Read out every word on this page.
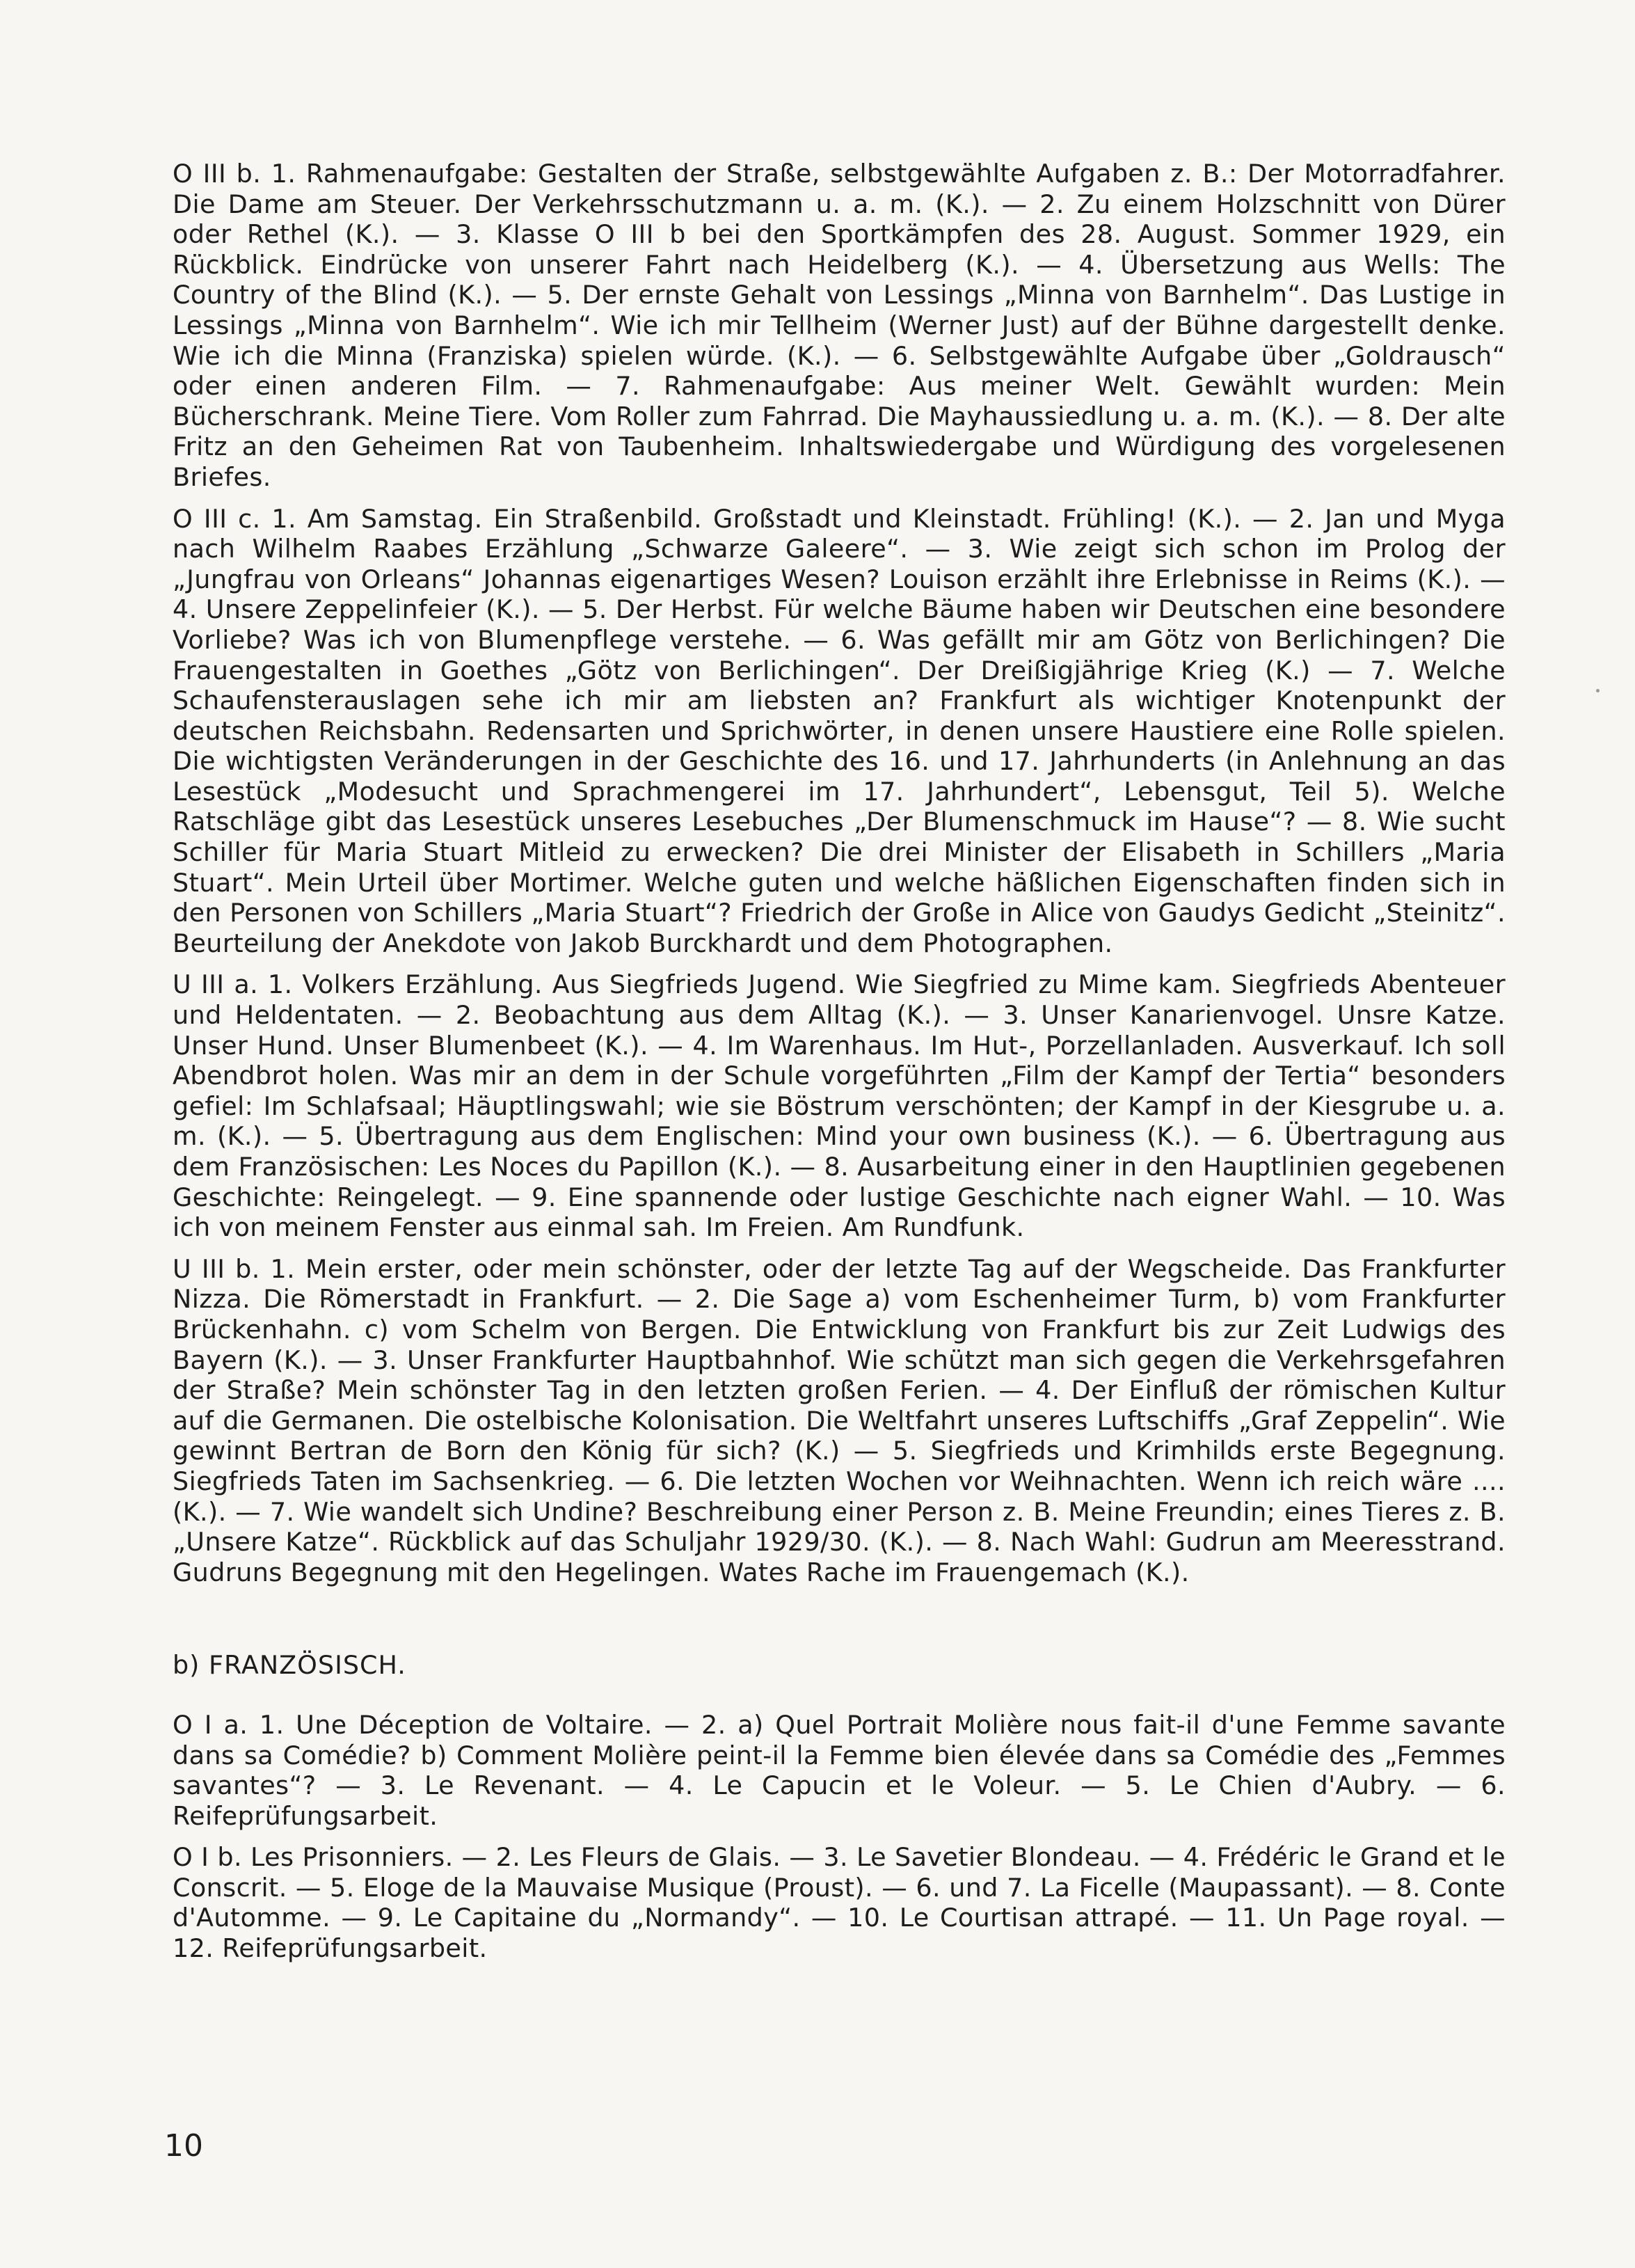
O III b. 1. Rahmenaufgabe: Gestalten der Straße, selbstgewählte Aufgaben z. B.: Der Motorradfahrer. Die Dame am Steuer. Der Verkehrsschutzmann u. a. m. (K.). — 2. Zu einem Holzschnitt von Dürer oder Rethel (K.). — 3. Klasse O III b bei den Sportkämpfen des 28. August. Sommer 1929, ein Rückblick. Eindrücke von unserer Fahrt nach Heidelberg (K.). — 4. Übersetzung aus Wells: The Country of the Blind (K.). — 5. Der ernste Gehalt von Lessings „Minna von Barnhelm“. Das Lustige in Lessings „Minna von Barnhelm“. Wie ich mir Tellheim (Werner Just) auf der Bühne dargestellt denke. Wie ich die Minna (Franziska) spielen würde. (K.). — 6. Selbstgewählte Aufgabe über „Goldrausch“ oder einen anderen Film. — 7. Rahmenaufgabe: Aus meiner Welt. Gewählt wurden: Mein Bücherschrank. Meine Tiere. Vom Roller zum Fahrrad. Die Mayhaussiedlung u. a. m. (K.). — 8. Der alte Fritz an den Geheimen Rat von Taubenheim. Inhaltswiedergabe und Würdigung des vorgelesenen Briefes.

O III c. 1. Am Samstag. Ein Straßenbild. Großstadt und Kleinstadt. Frühling! (K.). — 2. Jan und Myga nach Wilhelm Raabes Erzählung „Schwarze Galeere“. — 3. Wie zeigt sich schon im Prolog der „Jungfrau von Orleans“ Johannas eigenartiges Wesen? Louison erzählt ihre Erlebnisse in Reims (K.). — 4. Unsere Zeppelinfeier (K.). — 5. Der Herbst. Für welche Bäume haben wir Deutschen eine besondere Vorliebe? Was ich von Blumenpflege verstehe. — 6. Was gefällt mir am Götz von Berlichingen? Die Frauengestalten in Goethes „Götz von Berlichingen“. Der Dreißigjährige Krieg (K.) — 7. Welche Schaufensterauslagen sehe ich mir am liebsten an? Frankfurt als wichtiger Knotenpunkt der deutschen Reichsbahn. Redensarten und Sprichwörter, in denen unsere Haustiere eine Rolle spielen. Die wichtigsten Veränderungen in der Geschichte des 16. und 17. Jahrhunderts (in Anlehnung an das Lesestück „Modesucht und Sprachmengerei im 17. Jahrhundert“, Lebensgut, Teil 5). Welche Ratschläge gibt das Lesestück unseres Lesebuches „Der Blumenschmuck im Hause“? — 8. Wie sucht Schiller für Maria Stuart Mitleid zu erwecken? Die drei Minister der Elisabeth in Schillers „Maria Stuart“. Mein Urteil über Mortimer. Welche guten und welche häßlichen Eigenschaften finden sich in den Personen von Schillers „Maria Stuart“? Friedrich der Große in Alice von Gaudys Gedicht „Steinitz“. Beurteilung der Anekdote von Jakob Burckhardt und dem Photographen.

U III a. 1. Volkers Erzählung. Aus Siegfrieds Jugend. Wie Siegfried zu Mime kam. Siegfrieds Abenteuer und Heldentaten. — 2. Beobachtung aus dem Alltag (K.). — 3. Unser Kanarienvogel. Unsre Katze. Unser Hund. Unser Blumenbeet (K.). — 4. Im Warenhaus. Im Hut-, Porzellanladen. Ausverkauf. Ich soll Abendbrot holen. Was mir an dem in der Schule vorgeführten „Film der Kampf der Tertia“ besonders gefiel: Im Schlafsaal; Häuptlingswahl; wie sie Böstrum verschönten; der Kampf in der Kiesgrube u. a. m. (K.). — 5. Übertragung aus dem Englischen: Mind your own business (K.). — 6. Übertragung aus dem Französischen: Les Noces du Papillon (K.). — 8. Ausarbeitung einer in den Hauptlinien gegebenen Geschichte: Reingelegt. — 9. Eine spannende oder lustige Geschichte nach eigner Wahl. — 10. Was ich von meinem Fenster aus einmal sah. Im Freien. Am Rundfunk.

U III b. 1. Mein erster, oder mein schönster, oder der letzte Tag auf der Wegscheide. Das Frankfurter Nizza. Die Römerstadt in Frankfurt. — 2. Die Sage a) vom Eschenheimer Turm, b) vom Frankfurter Brückenhahn. c) vom Schelm von Bergen. Die Entwicklung von Frankfurt bis zur Zeit Ludwigs des Bayern (K.). — 3. Unser Frankfurter Hauptbahnhof. Wie schützt man sich gegen die Verkehrsgefahren der Straße? Mein schönster Tag in den letzten großen Ferien. — 4. Der Einfluß der römischen Kultur auf die Germanen. Die ostelbische Kolonisation. Die Weltfahrt unseres Luftschiffs „Graf Zeppelin“. Wie gewinnt Bertran de Born den König für sich? (K.) — 5. Siegfrieds und Krimhilds erste Begegnung. Siegfrieds Taten im Sachsenkrieg. — 6. Die letzten Wochen vor Weihnachten. Wenn ich reich wäre .... (K.). — 7. Wie wandelt sich Undine? Beschreibung einer Person z. B. Meine Freundin; eines Tieres z. B. „Unsere Katze“. Rückblick auf das Schuljahr 1929/30. (K.). — 8. Nach Wahl: Gudrun am Meeresstrand. Gudruns Begegnung mit den Hegelingen. Wates Rache im Frauengemach (K.).

b) FRANZÖSISCH.

O I a. 1. Une Déception de Voltaire. — 2. a) Quel Portrait Molière nous fait-il d'une Femme savante dans sa Comédie? b) Comment Molière peint-il la Femme bien élevée dans sa Comédie des „Femmes savantes“? — 3. Le Revenant. — 4. Le Capucin et le Voleur. — 5. Le Chien d'Aubry. — 6. Reifeprüfungsarbeit.

O I b. Les Prisonniers. — 2. Les Fleurs de Glais. — 3. Le Savetier Blondeau. — 4. Frédéric le Grand et le Conscrit. — 5. Eloge de la Mauvaise Musique (Proust). — 6. und 7. La Ficelle (Maupassant). — 8. Conte d'Automme. — 9. Le Capitaine du „Normandy“. — 10. Le Courtisan attrapé. — 11. Un Page royal. — 12. Reifeprüfungsarbeit.

10
